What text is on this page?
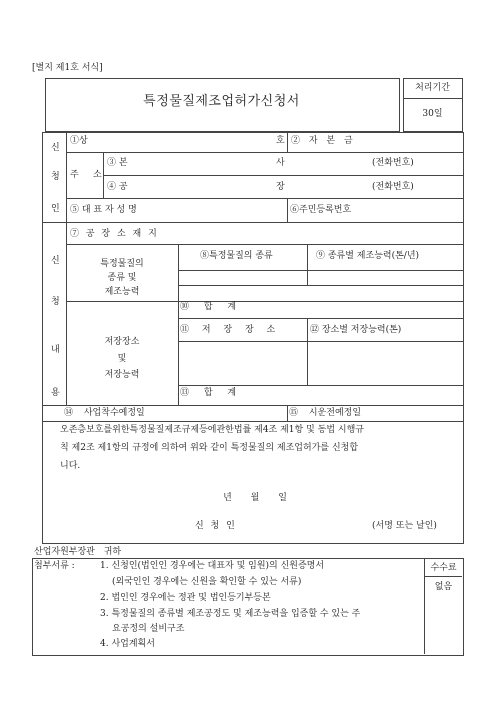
[별지 제1호 서식]
특정물질제조업허가신청서
처리기간
30일
신
청
인
①상	호 ② 자 본 금
주 소
③ 본	사	(전화번호)
④ 공	장	(전화번호)
⑤ 대 표 자 성 명	⑥주민등록번호
⑦ 공 장 소 재 지
특정물질의
종류 및
제조능력
⑧특정물질의 종류	⑨ 종류별 제조능력(톤/년)
⑩ 합 계
저장장소
및
저장능력
⑪ 저 장 장 소	⑫ 장소별 저장능력(톤)
⑬ 합 계
신
청
내
용
⑭ 사업착수예정일	⑮ 시운전예정일
오존층보호를위한특정물질제조규제등에관한법률 제4조 제1항 및 동법 시행규
칙 제2조 제1항의 규정에 의하여 위와 같이 특정물질의 제조업허가를 신청합
니다.
년 월 일
신 청 인	(서명 또는 날인)
산업자원부장관 귀하
첨부서류 :	1. 신청인(법인인 경우에는 대표자 및 임원)의 신원증명서
(외국인인 경우에는 신원을 확인할 수 있는 서류)
2. 법인인 경우에는 정관 및 법인등기부등본
3. 특정물질의 종류별 제조공정도 및 제조능력을 입증할 수 있는 주
요공정의 설비구조
4. 사업계획서
수수료
없음
